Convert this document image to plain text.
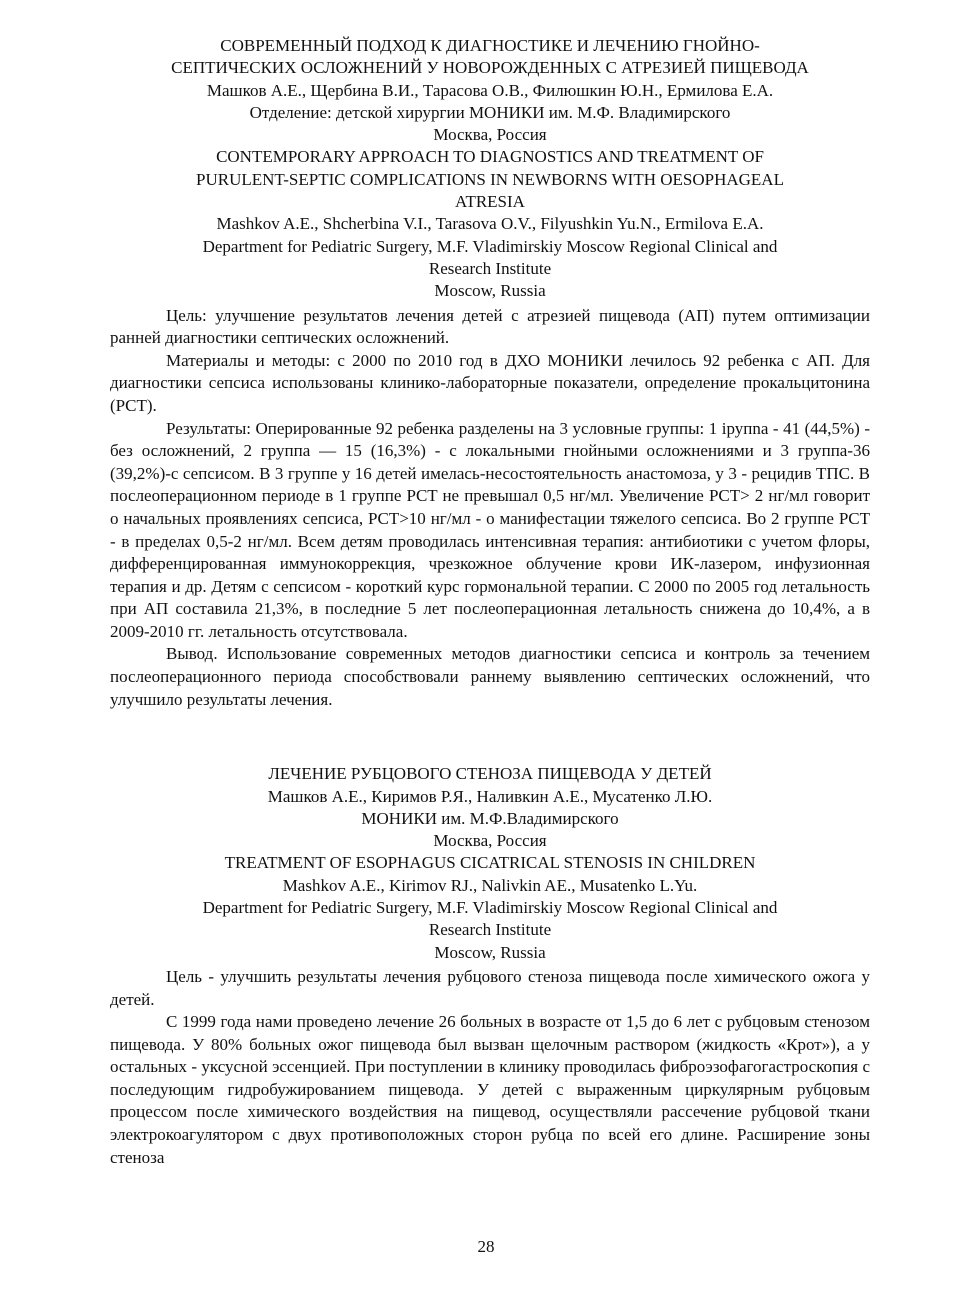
СОВРЕМЕННЫЙ ПОДХОД К ДИАГНОСТИКЕ И ЛЕЧЕНИЮ ГНОЙНО-

СЕПТИЧЕСКИХ ОСЛОЖНЕНИЙ У НОВОРОЖДЕННЫХ С АТРЕЗИЕЙ ПИЩЕВОДА

Машков А.Е., Щербина В.И., Тарасова О.В., Филюшкин Ю.Н., Ермилова Е.А.

Отделение: детской хирургии МОНИКИ им. М.Ф. Владимирского

Москва, Россия

CONTEMPORARY APPROACH TO DIAGNOSTICS AND TREATMENT OF

PURULENT-SEPTIC COMPLICATIONS IN NEWBORNS WITH OESOPHAGEAL

ATRESIA

Mashkov A.E., Shcherbina V.I., Tarasova O.V., Filyushkin Yu.N., Ermilova E.A.

Department for Pediatric Surgery, M.F. Vladimirskiy Moscow Regional Clinical and

Research Institute

Moscow, Russia

Цель: улучшение результатов лечения детей с атрезией пищевода (АП) путем оптимизации ранней диагностики септических осложнений.

Материалы и методы: с 2000 по 2010 год в ДХО МОНИКИ лечилось 92 ребенка с АП. Для диагностики сепсиса использованы клинико-лабораторные показатели, определение прокальцитонина (PCT).

Результаты: Оперированные 92 ребенка разделены на 3 условные группы: 1 iрупnа - 41 (44,5%) - без осложнений, 2 группа — 15 (16,3%) - с локальными гнойными осложнениями и 3 группа-36 (39,2%)-с сепсисом. В 3 группе у 16 детей имелась-несостоятельность анастомоза, у 3 - рецидив ТПС. В послеоперационном периоде в 1 группе PCT не превышал 0,5 нг/мл. Увеличение PCT> 2 нг/мл говорит о начальных проявлениях сепсиса, PCT>10 нг/мл - о манифестации тяжелого сепсиса. Во 2 группе PCT - в пределах 0,5-2 нг/мл. Всем детям проводилась интенсивная терапия: антибиотики с учетом флоры, дифференцированная иммунокоррекция, чрезкожное облучение крови ИК-лазером, инфузионная терапия и др. Детям с сепсисом - короткий курс гормональной терапии. С 2000 по 2005 год летальность при АП составила 21,3%, в последние 5 лет послеоперационная летальность снижена до 10,4%, а в 2009-2010 гг. летальность отсутствовала.

Вывод. Использование современных методов диагностики сепсиса и контроль за течением послеоперационного периода способствовали раннему выявлению септических осложнений, что улучшило результаты лечения.

ЛЕЧЕНИЕ РУБЦОВОГО СТЕНОЗА ПИЩЕВОДА У ДЕТЕЙ

Машков А.Е., Киримов Р.Я., Наливкин А.Е., Мусатенко Л.Ю.

МОНИКИ им. М.Ф.Владимирского

Москва, Россия

TREATMENT OF ESOPHAGUS CICATRICAL STENOSIS IN CHILDREN

Mashkov A.E., Kirimov RJ., Nalivkin AE., Musatenko L.Yu.

Department for Pediatric Surgery, M.F. Vladimirskiy Moscow Regional Clinical and

Research Institute

Moscow, Russia

Цель - улучшить результаты лечения рубцового стеноза пищевода после химического ожога у детей.

С 1999 года нами проведено лечение 26 больных в возрасте от 1,5 до 6 лет с рубцовым стенозом пищевода. У 80% больных ожог пищевода был вызван щелочным раствором (жидкость «Крот»), а у остальных - уксусной эссенцией. При поступлении в клинику проводилась фиброэзофагогастроскопия с последующим гидробужированием пищевода. У детей с выраженным циркулярным рубцовым процессом после химического воздействия на пищевод, осуществляли рассечение рубцовой ткани электрокоагулятором с двух противоположных сторон рубца по всей его длине. Расширение зоны стеноза

28
